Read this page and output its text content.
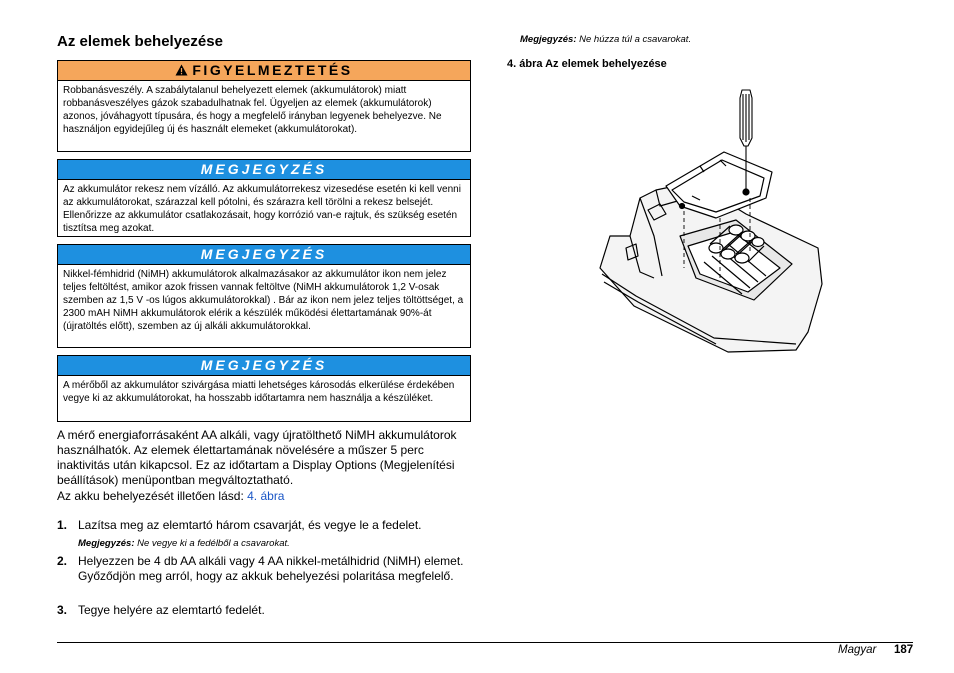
Az elemek behelyezése
FIGYELMEZTETÉS
Robbanásveszély. A szabálytalanul behelyezett elemek (akkumulátorok) miatt robbanásveszélyes gázok szabadulhatnak fel. Ügyeljen az elemek (akkumulátorok) azonos, jóváhagyott típusára, és hogy a megfelelő irányban legyenek behelyezve. Ne használjon egyidejűleg új és használt elemeket (akkumulátorokat).
MEGJEGYZÉS
Az akkumulátor rekesz nem vízálló. Az akkumulátorrekesz vizesedése esetén ki kell venni az akkumulátorokat, szárazzal kell pótolni, és szárazra kell törölni a rekesz belsejét. Ellenőrizze az akkumulátor csatlakozásait, hogy korrózió van-e rajtuk, és szükség esetén tisztítsa meg azokat.
MEGJEGYZÉS
Nikkel-fémhidrid (NiMH) akkumulátorok alkalmazásakor az akkumulátor ikon nem jelez teljes feltöltést, amikor azok frissen vannak feltöltve (NiMH akkumulátorok 1,2 V-osak szemben az 1,5 V -os lúgos akkumulátorokkal) . Bár az ikon nem jelez teljes töltöttséget, a 2300 mAH NiMH akkumulátorok elérik a készülék működési élettartamának 90%-át (újratöltés előtt), szemben az új alkáli akkumulátorokkal.
MEGJEGYZÉS
A mérőből az akkumulátor szivárgása miatti lehetséges károsodás elkerülése érdekében vegye ki az akkumulátorokat, ha hosszabb időtartamra nem használja a készüléket.

A mérő energiaforrásaként AA alkáli, vagy újratölthető NiMH akkumulátorok használhatók. Az elemek élettartamának növelésére a műszer 5 perc inaktivitás után kikapcsol. Ez az időtartam a Display Options (Megjelenítési beállítások) menüpontban megváltoztatható.

Az akku behelyezését illetően lásd: 4. ábra

1. Lazítsa meg az elemtartó három csavarját, és vegye le a fedelet.
Megjegyzés: Ne vegye ki a fedélből a csavarokat.
2. Helyezzen be 4 db AA alkáli vagy 4 AA nikkel-metálhidrid (NiMH) elemet. Győződjön meg arról, hogy az akkuk behelyezési polaritása megfelelő.
3. Tegye helyére az elemtartó fedelét.
Megjegyzés: Ne húzza túl a csavarokat.
4. ábra Az elemek behelyezése
Magyar 187
